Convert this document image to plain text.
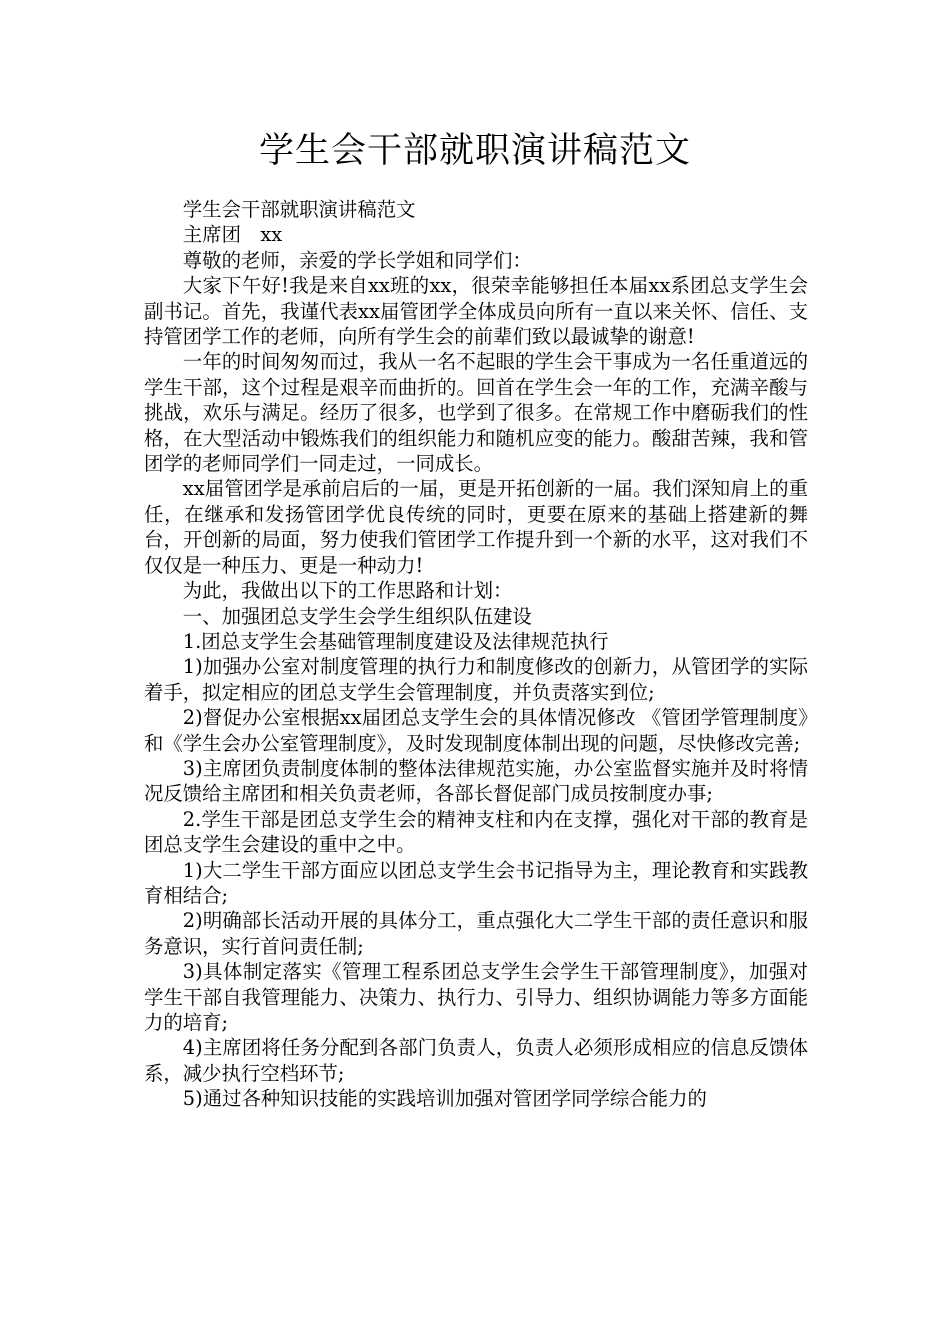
学生会干部就职演讲稿范文

学生会干部就职演讲稿范文

主席团　xx

尊敬的老师，亲爱的学长学姐和同学们：

大家下午好!我是来自xx班的xx，很荣幸能够担任本届xx系团总支学生会副书记。首先，我谨代表xx届管团学全体成员向所有一直以来关怀、信任、支持管团学工作的老师，向所有学生会的前辈们致以最诚挚的谢意!

一年的时间匆匆而过，我从一名不起眼的学生会干事成为一名任重道远的学生干部，这个过程是艰辛而曲折的。回首在学生会一年的工作，充满辛酸与挑战，欢乐与满足。经历了很多，也学到了很多。在常规工作中磨砺我们的性格，在大型活动中锻炼我们的组织能力和随机应变的能力。酸甜苦辣，我和管团学的老师同学们一同走过，一同成长。

xx届管团学是承前启后的一届，更是开拓创新的一届。我们深知肩上的重任，在继承和发扬管团学优良传统的同时，更要在原来的基础上搭建新的舞台，开创新的局面，努力使我们管团学工作提升到一个新的水平，这对我们不仅仅是一种压力、更是一种动力!

为此，我做出以下的工作思路和计划：

一、加强团总支学生会学生组织队伍建设

1.团总支学生会基础管理制度建设及法律规范执行

1)加强办公室对制度管理的执行力和制度修改的创新力，从管团学的实际着手，拟定相应的团总支学生会管理制度，并负责落实到位;

2)督促办公室根据xx届团总支学生会的具体情况修改 《管团学管理制度》和《学生会办公室管理制度》，及时发现制度体制出现的问题，尽快修改完善;

3)主席团负责制度体制的整体法律规范实施，办公室监督实施并及时将情况反馈给主席团和相关负责老师，各部长督促部门成员按制度办事;

2.学生干部是团总支学生会的精神支柱和内在支撑，强化对干部的教育是团总支学生会建设的重中之中。

1)大二学生干部方面应以团总支学生会书记指导为主，理论教育和实践教育相结合;

2)明确部长活动开展的具体分工，重点强化大二学生干部的责任意识和服务意识，实行首问责任制;

3)具体制定落实《管理工程系团总支学生会学生干部管理制度》，加强对学生干部自我管理能力、决策力、执行力、引导力、组织协调能力等多方面能力的培育;

4)主席团将任务分配到各部门负责人，负责人必须形成相应的信息反馈体系，减少执行空档环节;

5)通过各种知识技能的实践培训加强对管团学同学综合能力的
